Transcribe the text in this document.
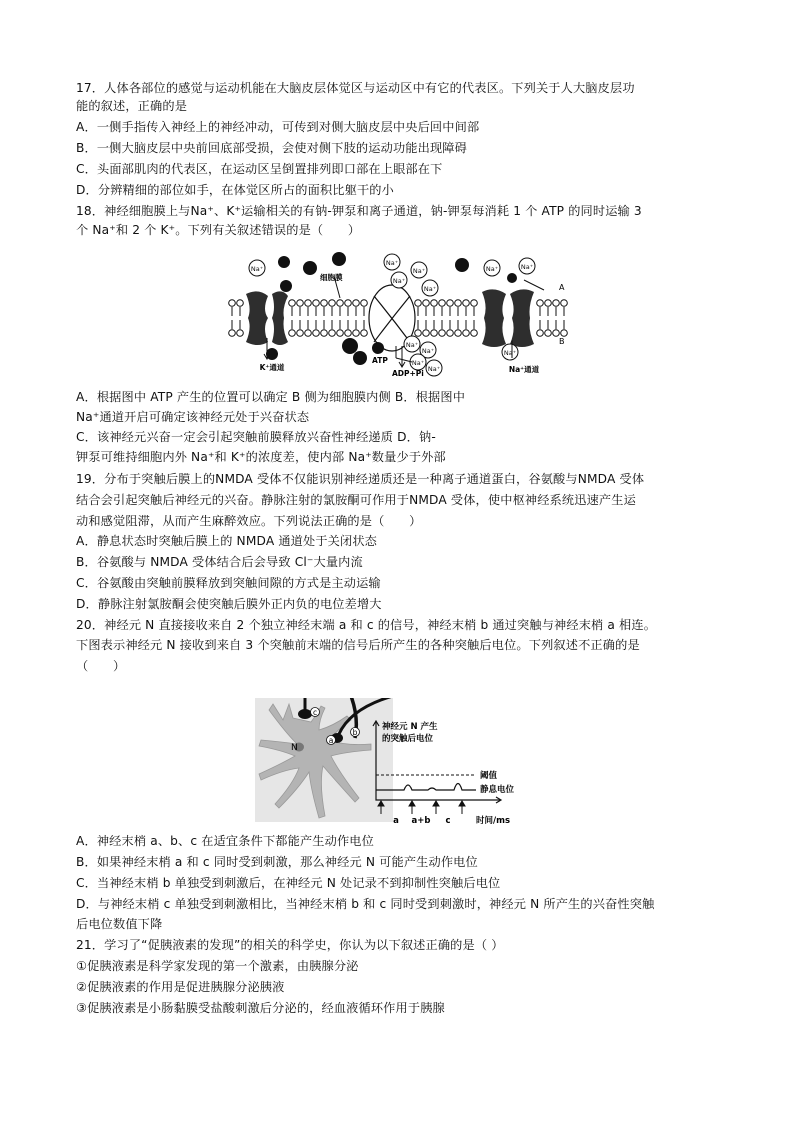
17．人体各部位的感觉与运动机能在大脑皮层体觉区与运动区中有它的代表区。下列关于人大脑皮层功
能的叙述，正确的是
A．一侧手指传入神经上的神经冲动，可传到对侧大脑皮层中央后回中间部
B．一侧大脑皮层中央前回底部受损，会使对侧下肢的运动功能出现障碍
C．头面部肌肉的代表区，在运动区呈倒置排列即口部在上眼部在下
D．分辨精细的部位如手，在体觉区所占的面积比躯干的小
18．神经细胞膜上与Na⁺、K⁺运输相关的有钠-钾泵和离子通道，钠-钾泵每消耗 1 个 ATP 的同时运输 3
个 Na⁺和 2 个 K⁺。下列有关叙述错误的是（　　）
Na⁺
Na⁺
Na⁺
Na⁺
Na⁺
Na⁺	Na⁺
Na⁺
Na⁺
Na⁺
Na⁺
Na⁺
细胞膜
K⁺通道	Na⁺通道
ATP
ADP+Pi
A
B
A．根据图中 ATP 产生的位置可以确定 B 侧为细胞膜内侧 B．根据图中
Na⁺通道开启可确定该神经元处于兴奋状态
C．该神经元兴奋一定会引起突触前膜释放兴奋性神经递质 D．钠-
钾泵可维持细胞内外 Na⁺和 K⁺的浓度差，使内部 Na⁺数量少于外部
19．分布于突触后膜上的NMDA 受体不仅能识别神经递质还是一种离子通道蛋白，谷氨酸与NMDA 受体
结合会引起突触后神经元的兴奋。静脉注射的氯胺酮可作用于NMDA 受体，使中枢神经系统迅速产生运
动和感觉阻滞，从而产生麻醉效应。下列说法正确的是（　　）
A．静息状态时突触后膜上的 NMDA 通道处于关闭状态
B．谷氨酸与 NMDA 受体结合后会导致 Cl⁻大量内流
C．谷氨酸由突触前膜释放到突触间隙的方式是主动运输
D．静脉注射氯胺酮会使突触后膜外正内负的电位差增大
20．神经元 N 直接接收来自 2 个独立神经末端 a 和 c 的信号，神经末梢 b 通过突触与神经末梢 a 相连。
下图表示神经元 N 接收到来自 3 个突触前末端的信号后所产生的各种突触后电位。下列叙述不正确的是
（　　）
c
a
b
N
神经元 N 产生
的突触后电位
阈值
静息电位
a a+b c	时间/ms
A．神经末梢 a、b、c 在适宜条件下都能产生动作电位
B．如果神经末梢 a 和 c 同时受到刺激，那么神经元 N 可能产生动作电位
C．当神经末梢 b 单独受到刺激后，在神经元 N 处记录不到抑制性突触后电位
D．与神经末梢 c 单独受到刺激相比，当神经末梢 b 和 c 同时受到刺激时，神经元 N 所产生的兴奋性突触
后电位数值下降
21．学习了“促胰液素的发现”的相关的科学史，你认为以下叙述正确的是（ ）
①促胰液素是科学家发现的第一个激素，由胰腺分泌
②促胰液素的作用是促进胰腺分泌胰液
③促胰液素是小肠黏膜受盐酸刺激后分泌的，经血液循环作用于胰腺
